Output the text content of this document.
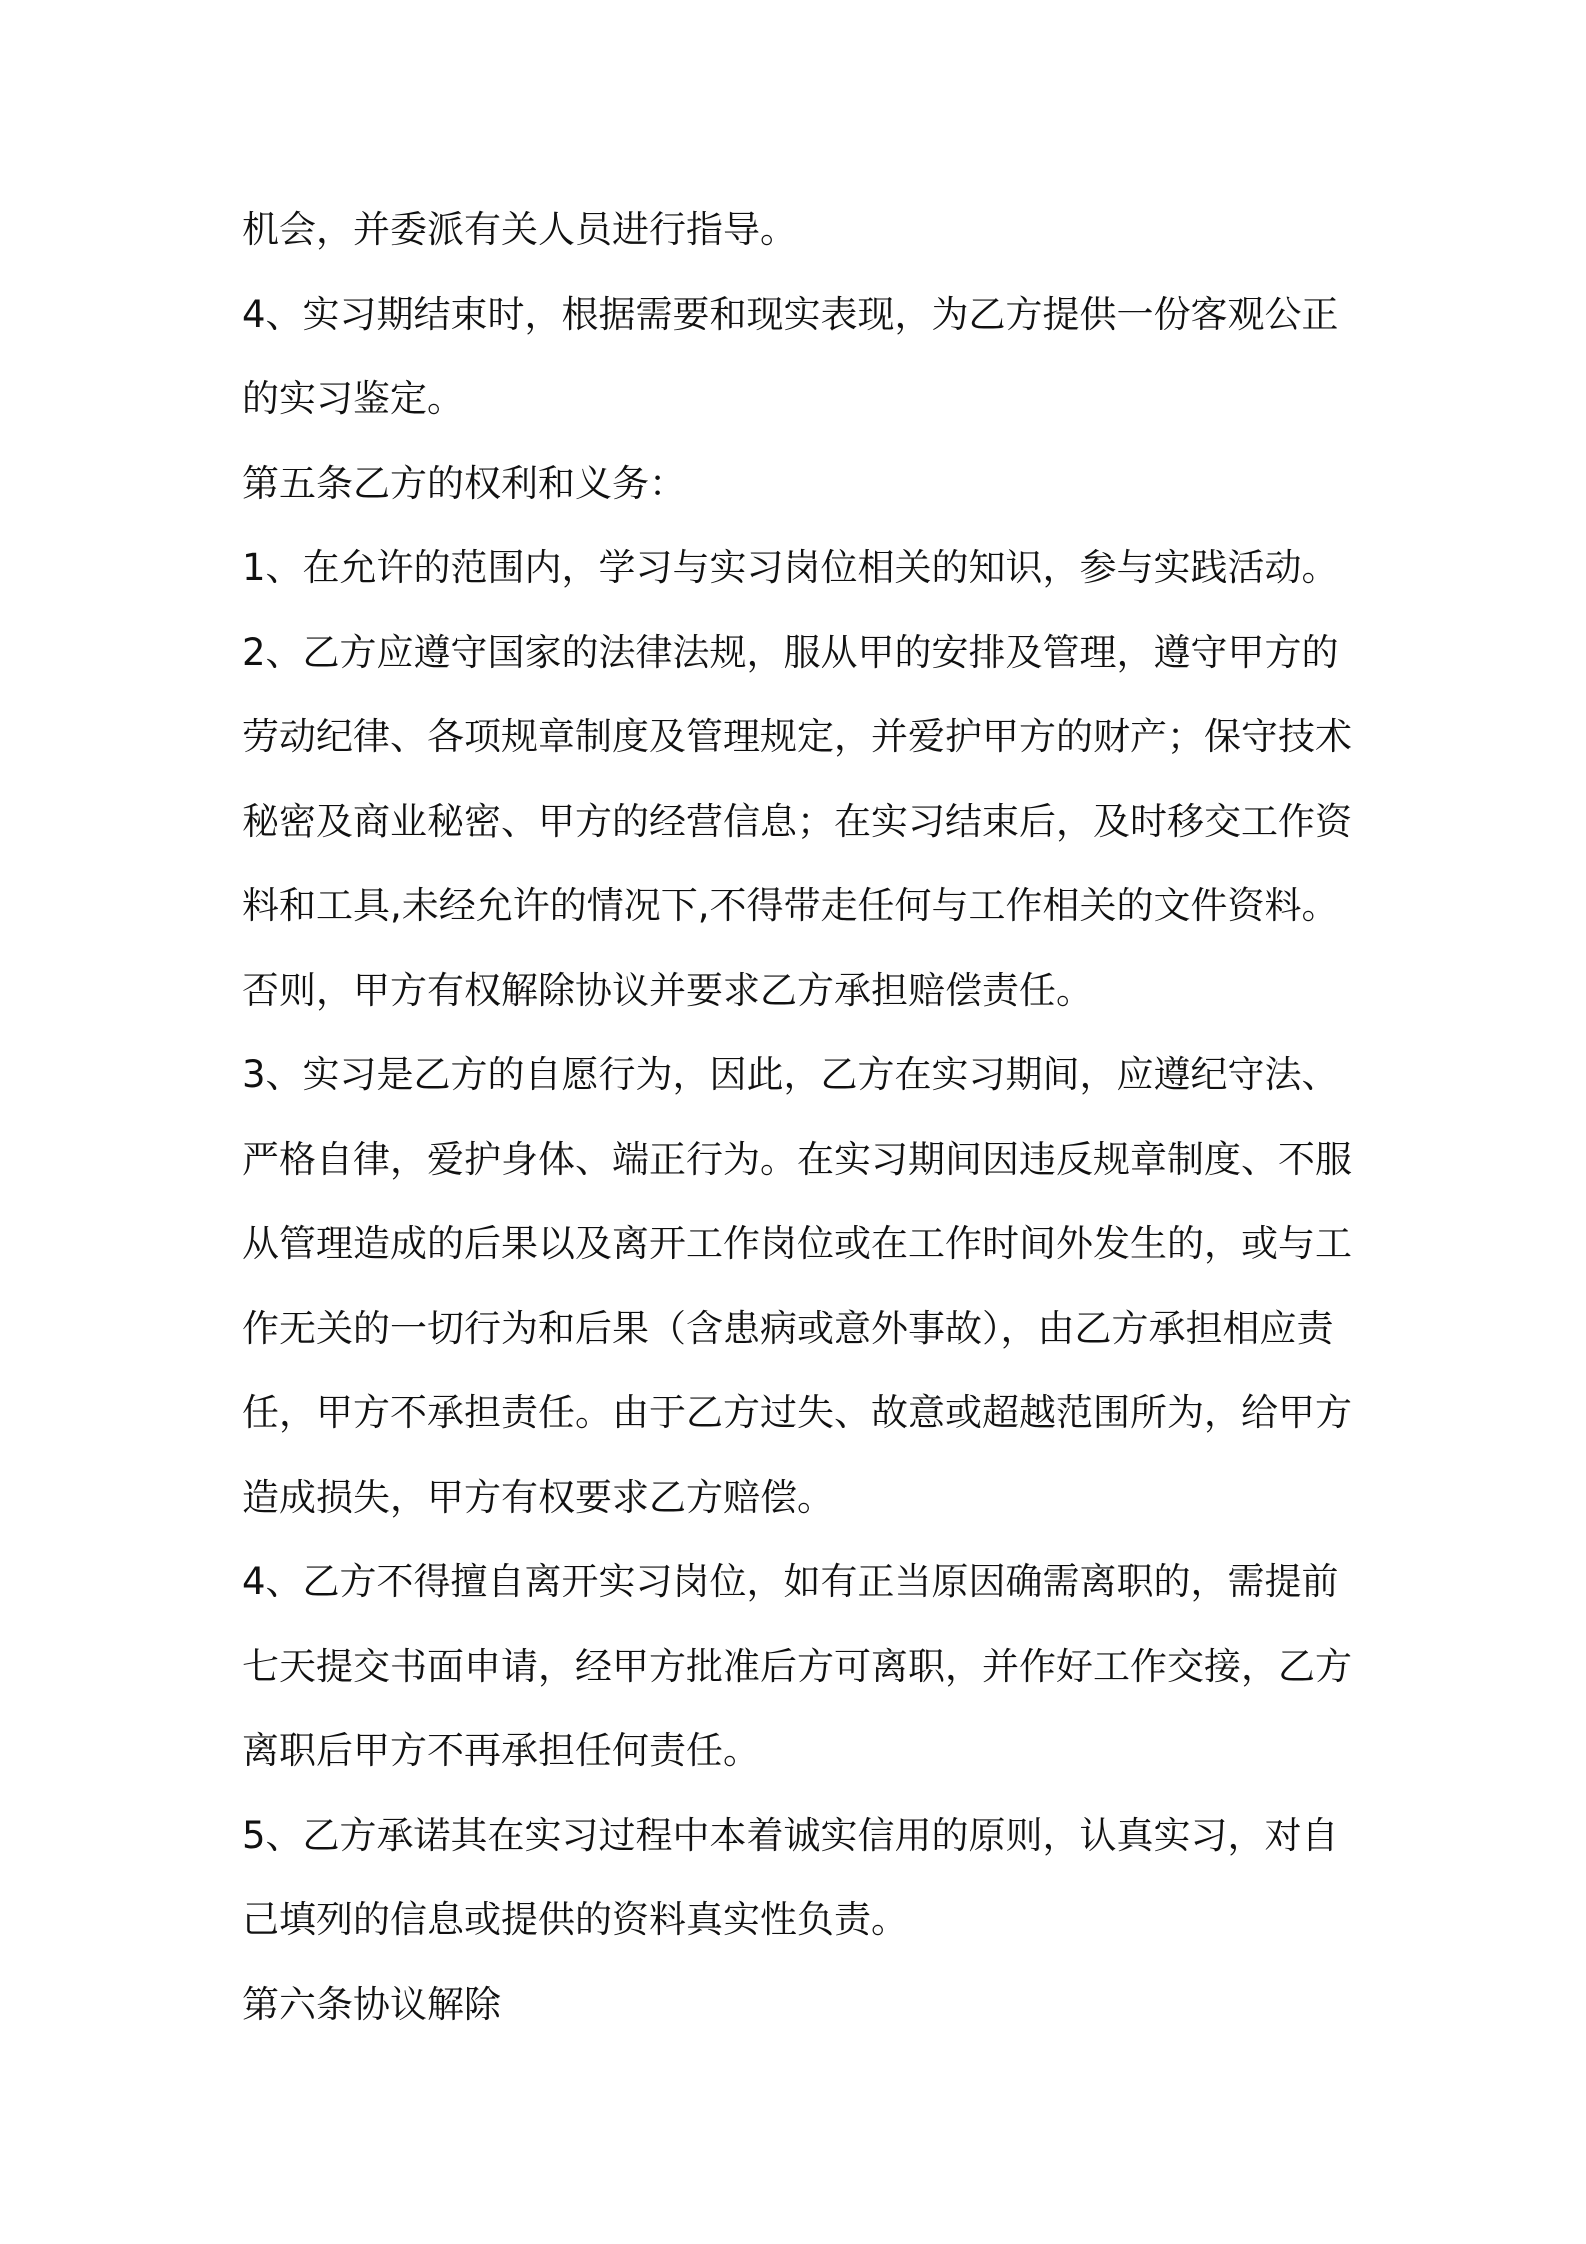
机会，并委派有关人员进行指导。
4、实习期结束时，根据需要和现实表现，为乙方提供一份客观公正
的实习鉴定。
第五条乙方的权利和义务：
1、在允许的范围内，学习与实习岗位相关的知识，参与实践活动。
2、乙方应遵守国家的法律法规，服从甲的安排及管理，遵守甲方的
劳动纪律、各项规章制度及管理规定，并爱护甲方的财产；保守技术
秘密及商业秘密、甲方的经营信息；在实习结束后，及时移交工作资
料和工具,未经允许的情况下,不得带走任何与工作相关的文件资料。
否则，甲方有权解除协议并要求乙方承担赔偿责任。
3、实习是乙方的自愿行为，因此，乙方在实习期间，应遵纪守法、
严格自律，爱护身体、端正行为。在实习期间因违反规章制度、不服
从管理造成的后果以及离开工作岗位或在工作时间外发生的，或与工
作无关的一切行为和后果（含患病或意外事故），由乙方承担相应责
任，甲方不承担责任。由于乙方过失、故意或超越范围所为，给甲方
造成损失，甲方有权要求乙方赔偿。
4、乙方不得擅自离开实习岗位，如有正当原因确需离职的，需提前
七天提交书面申请，经甲方批准后方可离职，并作好工作交接，乙方
离职后甲方不再承担任何责任。
5、乙方承诺其在实习过程中本着诚实信用的原则，认真实习，对自
己填列的信息或提供的资料真实性负责。
第六条协议解除
